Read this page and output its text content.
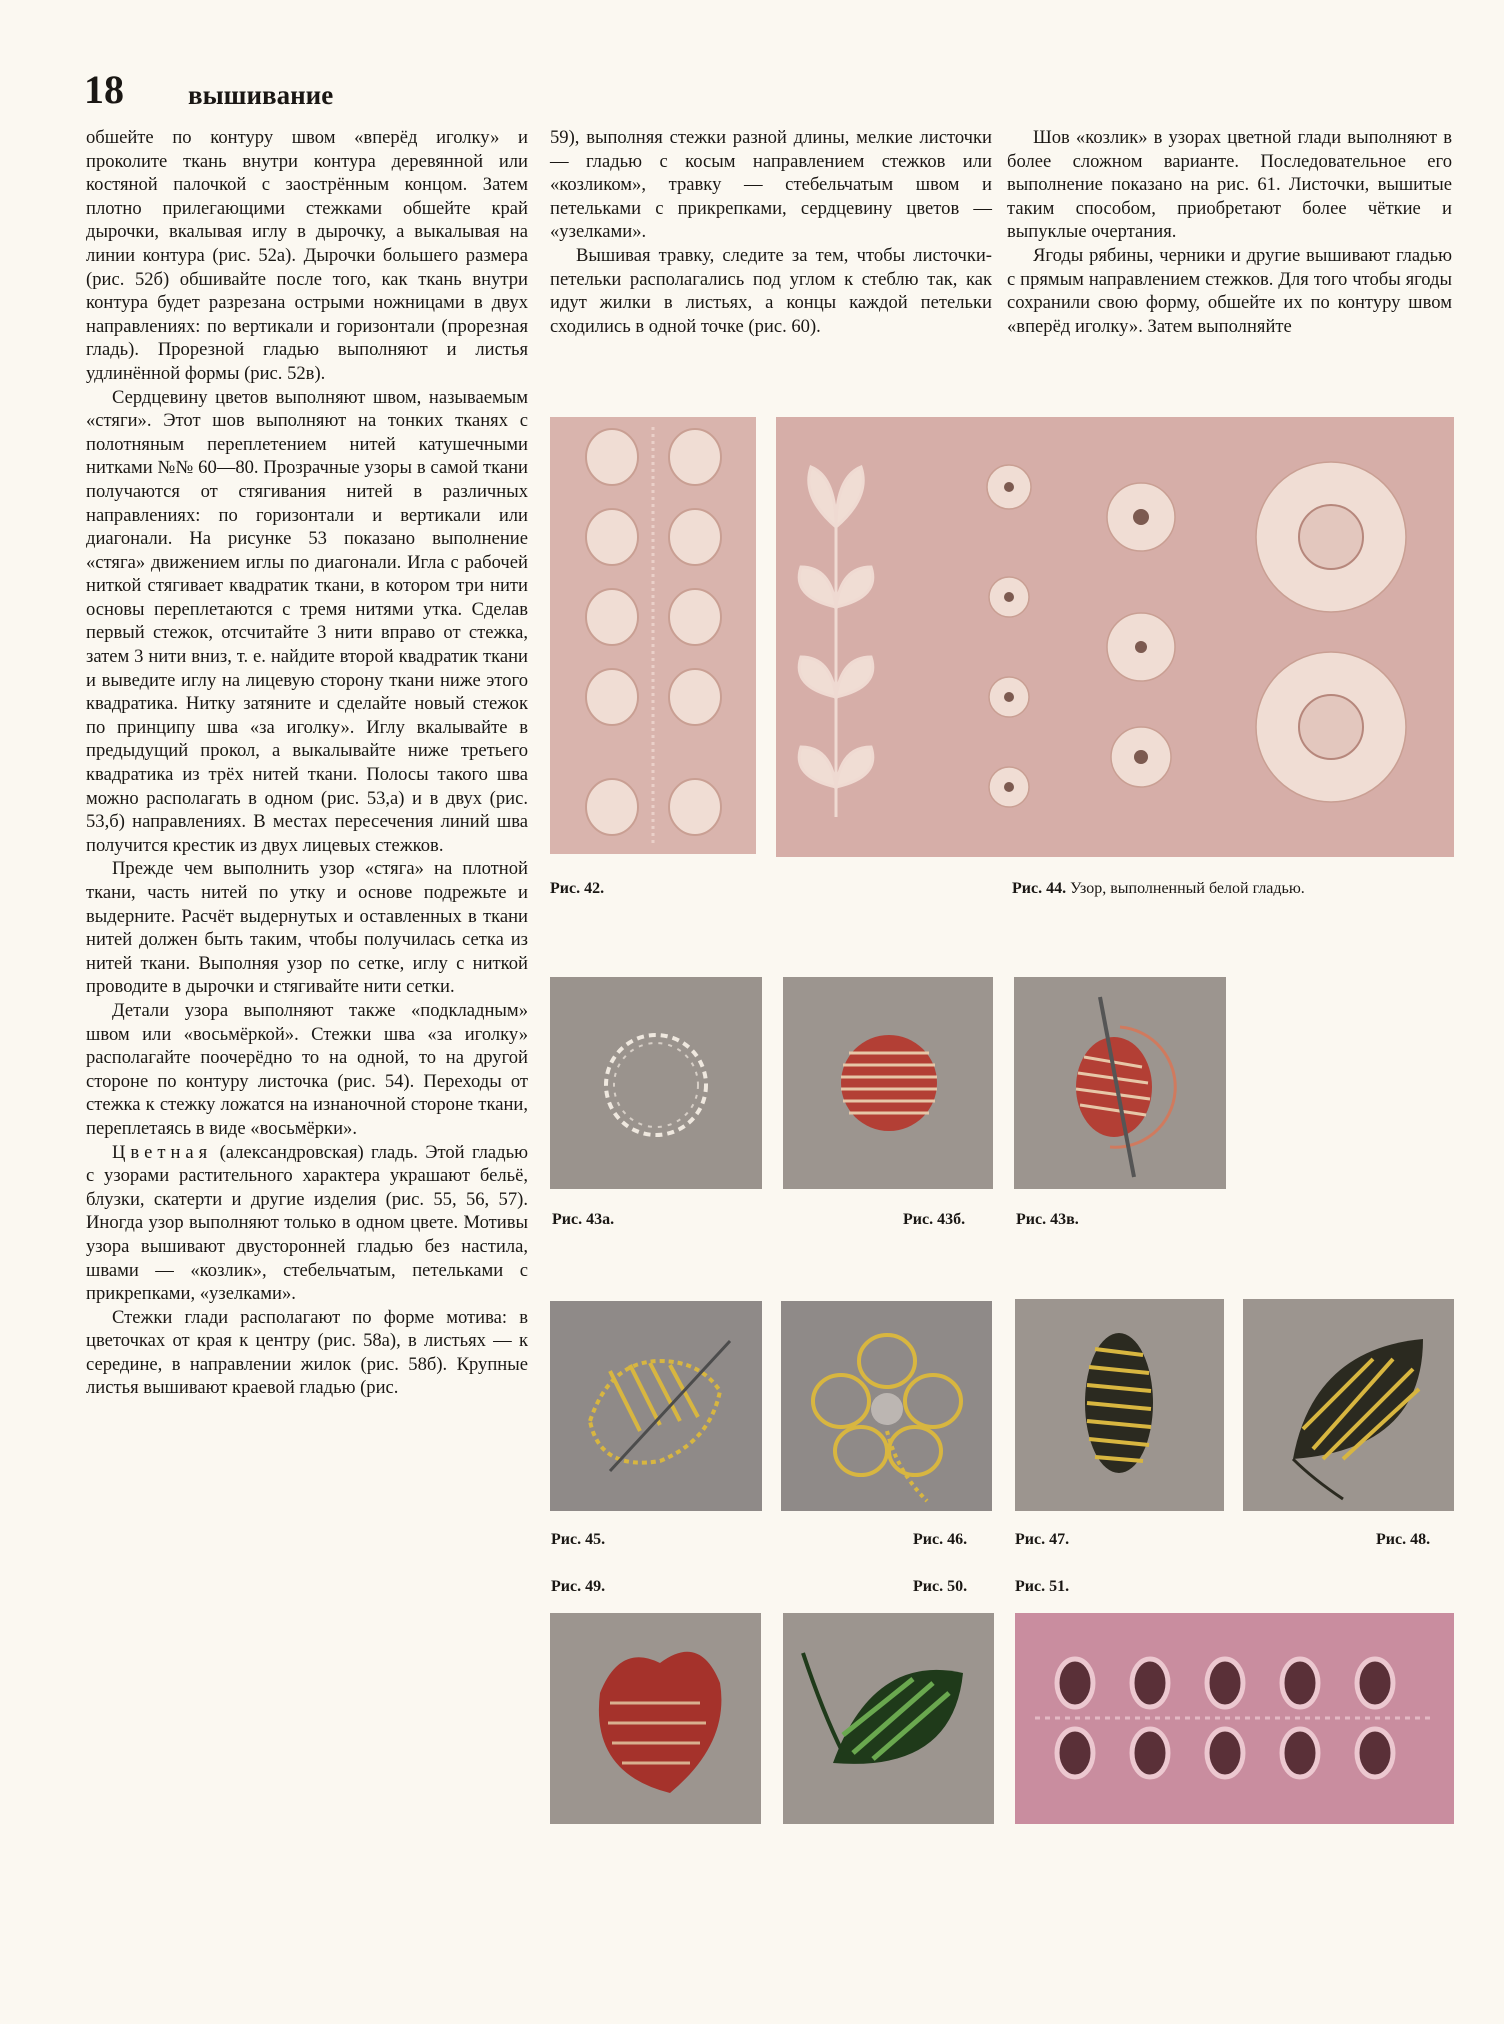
18 вышивание

обшейте по контуру швом «вперёд иголку» и проколите ткань внутри контура деревянной или костяной палочкой с заострённым концом. Затем плотно прилегающими стежками обшейте край дырочки, вкалывая иглу в дырочку, а выкалывая на линии контура (рис. 52а). Дырочки большего размера (рис. 52б) обшивайте после того, как ткань внутри контура будет разрезана острыми ножницами в двух направлениях: по вертикали и горизонтали (прорезная гладь). Прорезной гладью выполняют и листья удлинённой формы (рис. 52в).

Сердцевину цветов выполняют швом, называемым «стяги». Этот шов выполняют на тонких тканях с полотняным переплетением нитей катушечными нитками №№ 60—80. Прозрачные узоры в самой ткани получаются от стягивания нитей в различных направлениях: по горизонтали и вертикали или диагонали. На рисунке 53 показано выполнение «стяга» движением иглы по диагонали. Игла с рабочей ниткой стягивает квадратик ткани, в котором три нити основы переплетаются с тремя нитями утка. Сделав первый стежок, отсчитайте 3 нити вправо от стежка, затем 3 нити вниз, т. е. найдите второй квадратик ткани и выведите иглу на лицевую сторону ткани ниже этого квадратика. Нитку затяните и сделайте новый стежок по принципу шва «за иголку». Иглу вкалывайте в предыдущий прокол, а выкалывайте ниже третьего квадратика из трёх нитей ткани. Полосы такого шва можно располагать в одном (рис. 53,а) и в двух (рис. 53,б) направлениях. В местах пересечения линий шва получится крестик из двух лицевых стежков.

Прежде чем выполнить узор «стяга» на плотной ткани, часть нитей по утку и основе подрежьте и выдерните. Расчёт выдернутых и оставленных в ткани нитей должен быть таким, чтобы получилась сетка из нитей ткани. Выполняя узор по сетке, иглу с ниткой проводите в дырочки и стягивайте нити сетки.

Детали узора выполняют также «подкладным» швом или «восьмёркой». Стежки шва «за иголку» располагайте поочерёдно то на одной, то на другой стороне по контуру листочка (рис. 54). Переходы от стежка к стежку ложатся на изнаночной стороне ткани, переплетаясь в виде «восьмёрки».

Цветная (александровская) гладь. Этой гладью с узорами растительного характера украшают бельё, блузки, скатерти и другие изделия (рис. 55, 56, 57). Иногда узор выполняют только в одном цвете. Мотивы узора вышивают двусторонней гладью без настила, швами — «козлик», стебельчатым, петельками с прикрепками, «узелками».

Стежки глади располагают по форме мотива: в цветочках от края к центру (рис. 58а), в листьях — к середине, в направлении жилок (рис. 58б). Крупные листья вышивают краевой гладью (рис.

59), выполняя стежки разной длины, мелкие листочки — гладью с косым направлением стежков или «козликом», травку — стебельчатым швом и петельками с прикрепками, сердцевину цветов — «узелками».

Вышивая травку, следите за тем, чтобы листочки-петельки располагались под углом к стеблю так, как идут жилки в листьях, а концы каждой петельки сходились в одной точке (рис. 60).

Шов «козлик» в узорах цветной глади выполняют в более сложном варианте. Последовательное его выполнение показано на рис. 61. Листочки, вышитые таким способом, приобретают более чёткие и выпуклые очертания.

Ягоды рябины, черники и другие вышивают гладью с прямым направлением стежков. Для того чтобы ягоды сохранили свою форму, обшейте их по контуру швом «вперёд иголку». Затем выполняйте

Рис. 42.	Рис. 44. Узор, выполненный белой гладью.
Рис. 43а.	Рис. 43б.	Рис. 43в.
Рис. 45.	Рис. 46.	Рис. 47.	Рис. 48.
Рис. 49.	Рис. 50.	Рис. 51.
